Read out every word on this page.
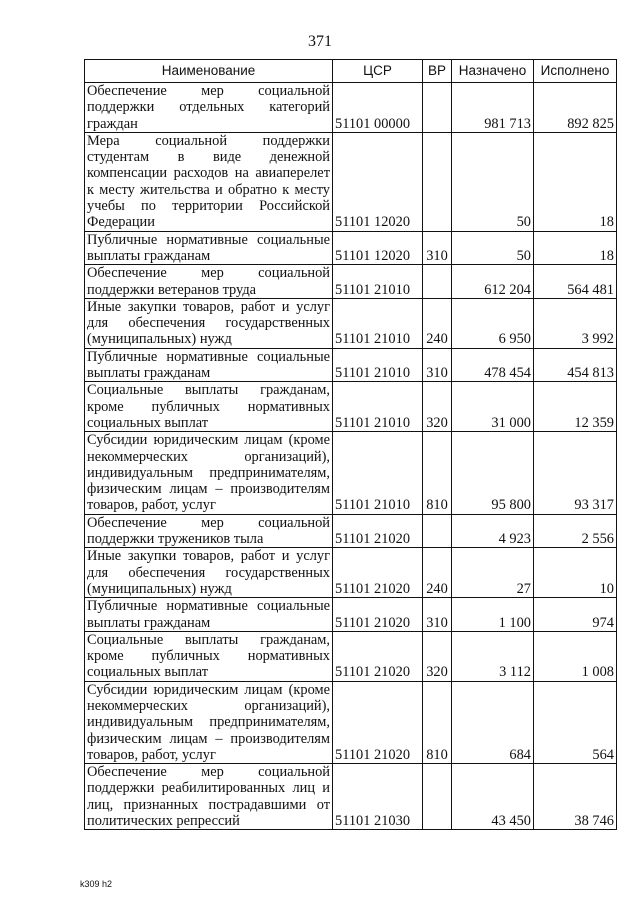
371
Наименование	ЦСР	ВР	Назначено	Исполнено
Обеспечение мер социальной поддержки отдельных категорий граждан	51101 00000		981 713	892 825
Мера социальной поддержки студентам в виде денежной компенсации расходов на авиаперелет к месту жительства и обратно к месту учебы по территории Российской Федерации	51101 12020		50	18
Публичные нормативные социальные выплаты гражданам	51101 12020	310	50	18
Обеспечение мер социальной поддержки ветеранов труда	51101 21010		612 204	564 481
Иные закупки товаров, работ и услуг для обеспечения государственных (муниципальных) нужд	51101 21010	240	6 950	3 992
Публичные нормативные социальные выплаты гражданам	51101 21010	310	478 454	454 813
Социальные выплаты гражданам, кроме публичных нормативных социальных выплат	51101 21010	320	31 000	12 359
Субсидии юридическим лицам (кроме некоммерческих организаций), индивидуальным предпринимателям, физическим лицам – производителям товаров, работ, услуг	51101 21010	810	95 800	93 317
Обеспечение мер социальной поддержки тружеников тыла	51101 21020		4 923	2 556
Иные закупки товаров, работ и услуг для обеспечения государственных (муниципальных) нужд	51101 21020	240	27	10
Публичные нормативные социальные выплаты гражданам	51101 21020	310	1 100	974
Социальные выплаты гражданам, кроме публичных нормативных социальных выплат	51101 21020	320	3 112	1 008
Субсидии юридическим лицам (кроме некоммерческих организаций), индивидуальным предпринимателям, физическим лицам – производителям товаров, работ, услуг	51101 21020	810	684	564
Обеспечение мер социальной поддержки реабилитированных лиц и лиц, признанных пострадавшими от политических репрессий	51101 21030		43 450	38 746
k309 h2
